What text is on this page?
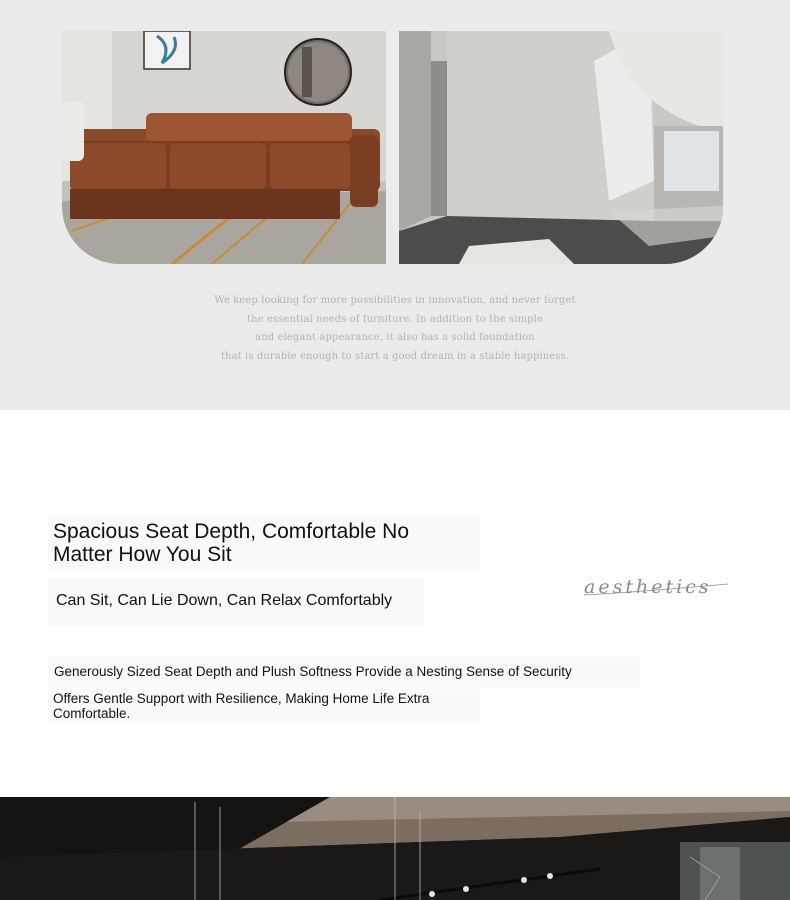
We keep looking for more possibilities in innovation, and never forget
the essential needs of furniture. In addition to the simple
and elegant appearance, it also has a solid foundation
that is durable enough to start a good dream in a stable happiness.
Spacious Seat Depth, Comfortable No Matter How You Sit
Can Sit, Can Lie Down, Can Relax Comfortably
aesthetics
Generously Sized Seat Depth and Plush Softness Provide a Nesting Sense of Security
Offers Gentle Support with Resilience, Making Home Life Extra Comfortable.
